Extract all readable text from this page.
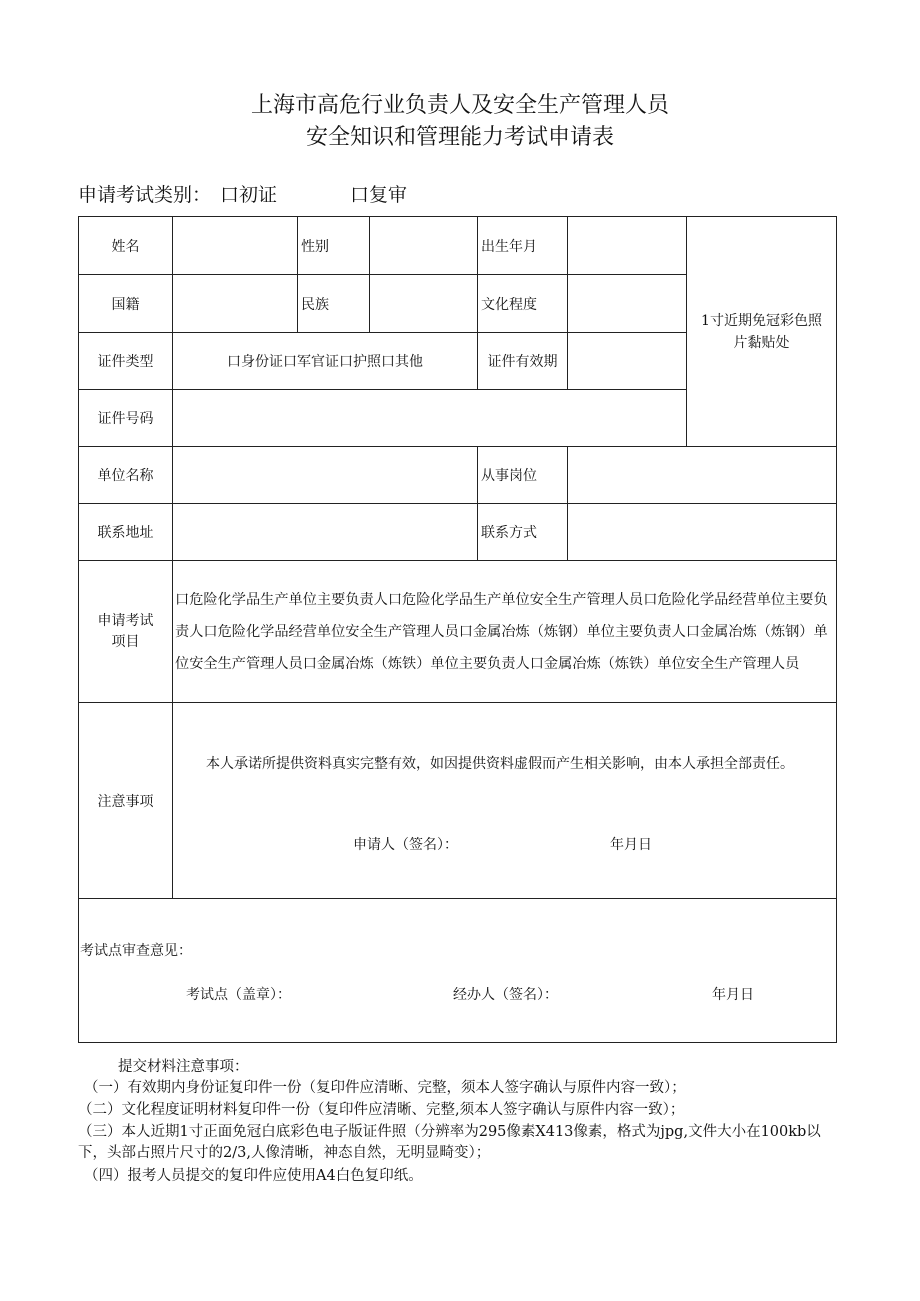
上海市高危行业负责人及安全生产管理人员
安全知识和管理能力考试申请表
申请考试类别： 口初证	口复审
姓名	性别	出生年月
1寸近期免冠彩色照片黏贴处
国籍	民族	文化程度
证件类型	口身份证口军官证口护照口其他	证件有效期
证件号码
单位名称	从事岗位
联系地址	联系方式
申请考试项目
口危险化学品生产单位主要负责人口危险化学品生产单位安全生产管理人员口危险化学品经营单位主要负责人口危险化学品经营单位安全生产管理人员口金属冶炼（炼钢）单位主要负责人口金属冶炼（炼钢）单位安全生产管理人员口金属冶炼（炼铁）单位主要负责人口金属冶炼（炼铁）单位安全生产管理人员
注意事项
本人承诺所提供资料真实完整有效，如因提供资料虚假而产生相关影响，由本人承担全部责任。
申请人（签名）：	年月日
考试点审查意见：
考试点（盖章）：	经办人（签名）：	年月日
提交材料注意事项：
（一）有效期内身份证复印件一份（复印件应清晰、完整，须本人签字确认与原件内容一致）；
（二）文化程度证明材料复印件一份（复印件应清晰、完整,须本人签字确认与原件内容一致）；
（三）本人近期1寸正面免冠白底彩色电子版证件照（分辨率为295像素X413像素，格式为jpg,文件大小在100kb以下，头部占照片尺寸的2/3,人像清晰，神态自然，无明显畸变）；
（四）报考人员提交的复印件应使用A4白色复印纸。
